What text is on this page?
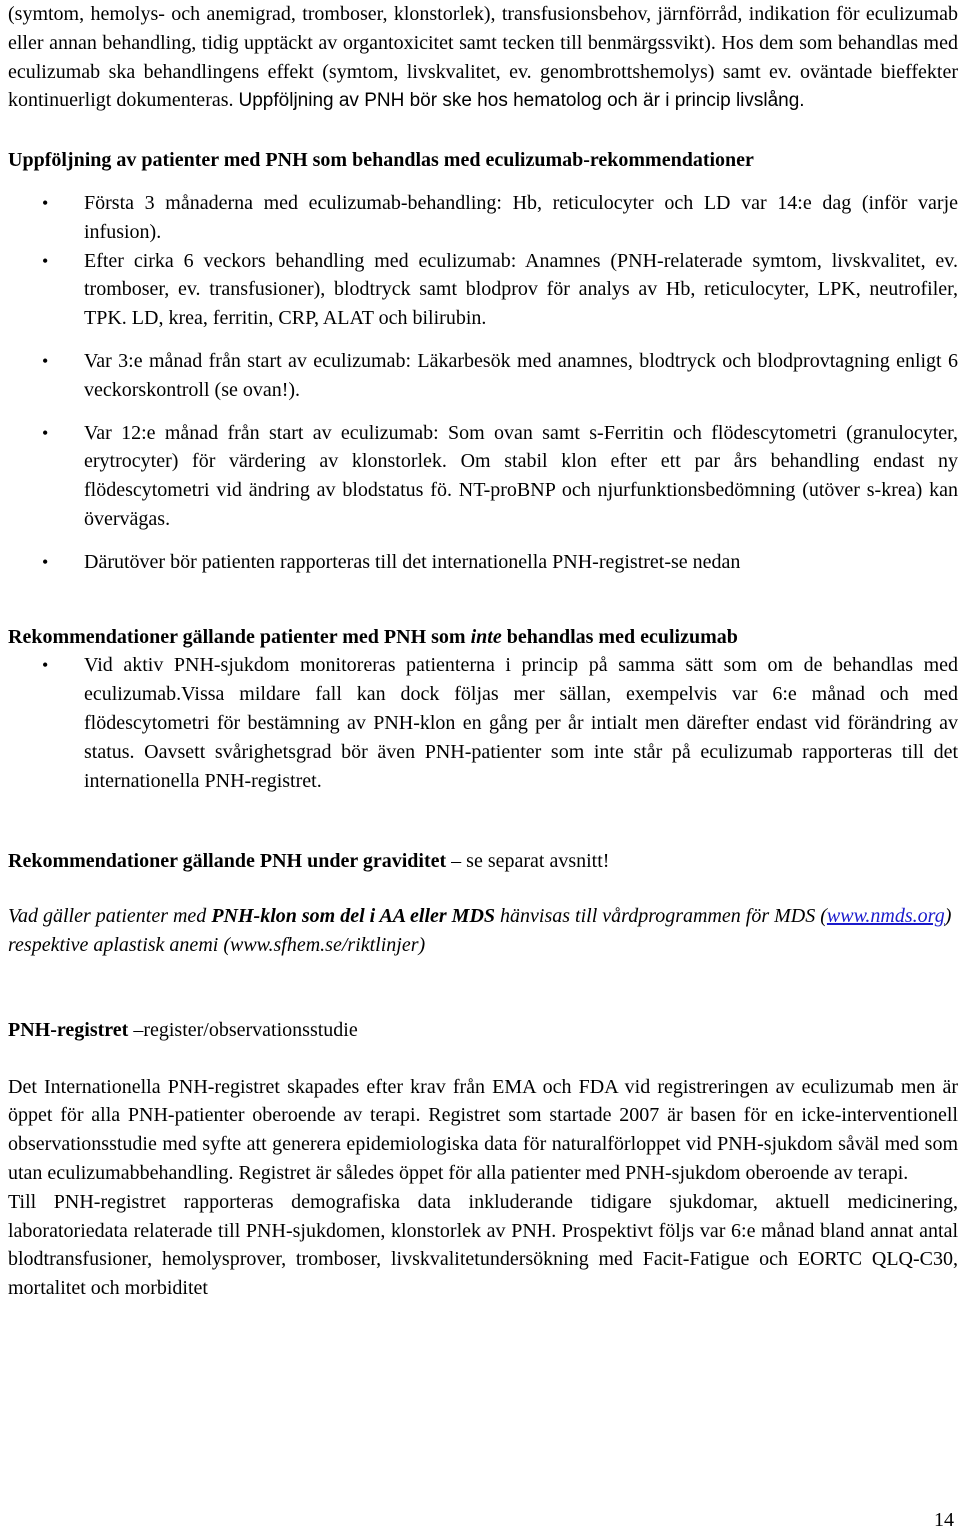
(symtom, hemolys- och anemigrad, tromboser, klonstorlek), transfusionsbehov, järnförråd, indikation för eculizumab eller annan behandling, tidig upptäckt av organtoxicitet samt tecken till benmärgssvikt). Hos dem som behandlas med eculizumab ska behandlingens effekt (symtom, livskvalitet, ev. genombrottshemolys) samt ev. oväntade bieffekter kontinuerligt dokumenteras. Uppföljning av PNH bör ske hos hematolog och är i princip livslång.

Uppföljning av patienter med PNH som behandlas med eculizumab-rekommendationer

• Första 3 månaderna med eculizumab-behandling: Hb, reticulocyter och LD var 14:e dag (inför varje infusion).
• Efter cirka 6 veckors behandling med eculizumab: Anamnes (PNH-relaterade symtom, livskvalitet, ev. tromboser, ev. transfusioner), blodtryck samt blodprov för analys av Hb, reticulocyter, LPK, neutrofiler, TPK. LD, krea, ferritin, CRP, ALAT och bilirubin.
• Var 3:e månad från start av eculizumab: Läkarbesök med anamnes, blodtryck och blodprovtagning enligt 6 veckorskontroll (se ovan!).
• Var 12:e månad från start av eculizumab: Som ovan samt s-Ferritin och flödescytometri (granulocyter, erytrocyter) för värdering av klonstorlek. Om stabil klon efter ett par års behandling endast ny flödescytometri vid ändring av blodstatus fö. NT-proBNP och njurfunktionsbedömning (utöver s-krea) kan övervägas.
• Därutöver bör patienten rapporteras till det internationella PNH-registret-se nedan

Rekommendationer gällande patienter med PNH som inte behandlas med eculizumab

• Vid aktiv PNH-sjukdom monitoreras patienterna i princip på samma sätt som om de behandlas med eculizumab.Vissa mildare fall kan dock följas mer sällan, exempelvis var 6:e månad och med flödescytometri för bestämning av PNH-klon en gång per år intialt men därefter endast vid förändring av status. Oavsett svårighetsgrad bör även PNH-patienter som inte står på eculizumab rapporteras till det internationella PNH-registret.

Rekommendationer gällande PNH under graviditet – se separat avsnitt!

Vad gäller patienter med PNH-klon som del i AA eller MDS hänvisas till vårdprogrammen för MDS (www.nmds.org) respektive aplastisk anemi (www.sfhem.se/riktlinjer)

PNH-registret –register/observationsstudie

Det Internationella PNH-registret skapades efter krav från EMA och FDA vid registreringen av eculizumab men är öppet för alla PNH-patienter oberoende av terapi. Registret som startade 2007 är basen för en icke-interventionell observationsstudie med syfte att generera epidemiologiska data för naturalförloppet vid PNH-sjukdom såväl med som utan eculizumabbehandling. Registret är således öppet för alla patienter med PNH-sjukdom oberoende av terapi.

Till PNH-registret rapporteras demografiska data inkluderande tidigare sjukdomar, aktuell medicinering, laboratoriedata relaterade till PNH-sjukdomen, klonstorlek av PNH. Prospektivt följs var 6:e månad bland annat antal blodtransfusioner, hemolysprover, tromboser, livskvalitetundersökning med Facit-Fatigue och EORTC QLQ-C30, mortalitet och morbiditet

14
